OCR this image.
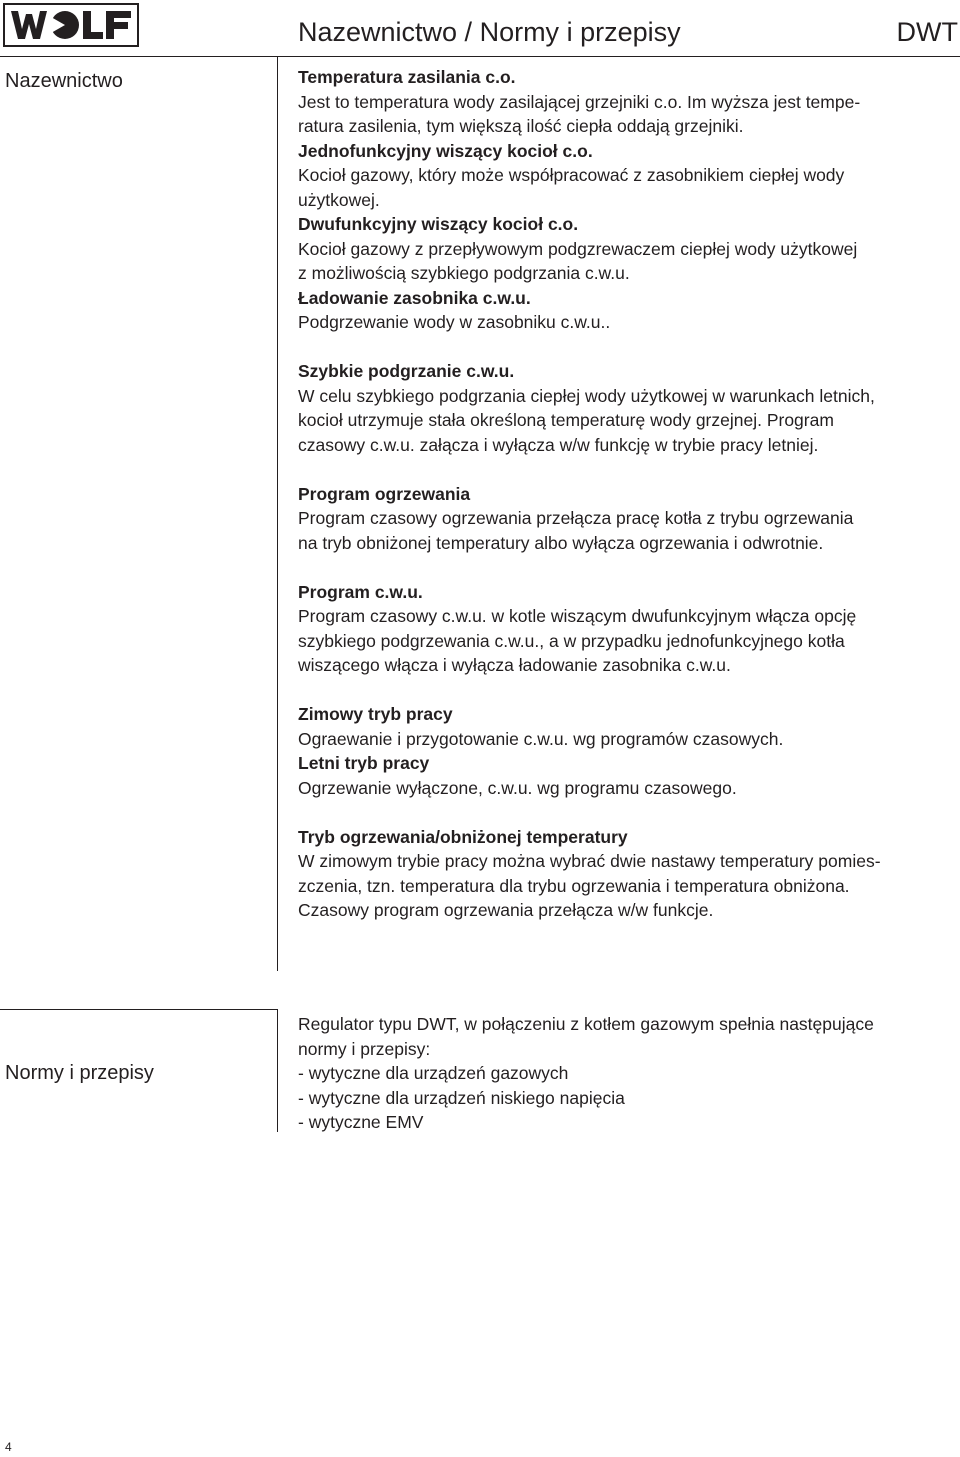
Nazewnictwo / Normy i przepisy	DWT
Nazewnictwo	Temperatura zasilania c.o.

Jest to temperatura wody zasilającej grzejniki c.o. Im wyższa jest tempe-

ratura zasilenia, tym większą ilość ciepła oddają grzejniki.

Jednofunkcyjny wiszący kocioł c.o.

Kocioł gazowy, który może współpracować z zasobnikiem ciepłej wody

użytkowej.

Dwufunkcyjny wiszący kocioł c.o.

Kocioł gazowy z przepływowym podgzrewaczem ciepłej wody użytkowej

z możliwością szybkiego podgrzania c.w.u.

Ładowanie zasobnika c.w.u.

Podgrzewanie wody w zasobniku c.w.u..

Szybkie podgrzanie c.w.u.

W celu szybkiego podgrzania ciepłej wody użytkowej w warunkach letnich,

kocioł utrzymuje stała określoną temperaturę wody grzejnej. Program

czasowy c.w.u. załącza i wyłącza w/w funkcję w trybie pracy letniej.

Program ogrzewania

Program czasowy ogrzewania przełącza pracę kotła z trybu ogrzewania

na tryb obniżonej temperatury albo wyłącza ogrzewania i odwrotnie.

Program c.w.u.

Program czasowy c.w.u. w kotle wiszącym dwufunkcyjnym włącza opcję

szybkiego podgrzewania c.w.u., a w przypadku jednofunkcyjnego kotła

wiszącego włącza i wyłącza ładowanie zasobnika c.w.u.

Zimowy tryb pracy

Ograewanie i przygotowanie c.w.u. wg programów czasowych.

Letni tryb pracy

Ogrzewanie wyłączone, c.w.u. wg programu czasowego.

Tryb ogrzewania/obniżonej temperatury

W zimowym trybie pracy można wybrać dwie nastawy temperatury pomies-

zczenia, tzn. temperatura dla trybu ogrzewania i temperatura obniżona.

Czasowy program ogrzewania przełącza w/w funkcje.

Normy i przepisy

Regulator typu DWT, w połączeniu z kotłem gazowym spełnia następujące

normy i przepisy:

- wytyczne dla urządzeń gazowych

- wytyczne dla urządzeń niskiego napięcia

- wytyczne EMV

4
